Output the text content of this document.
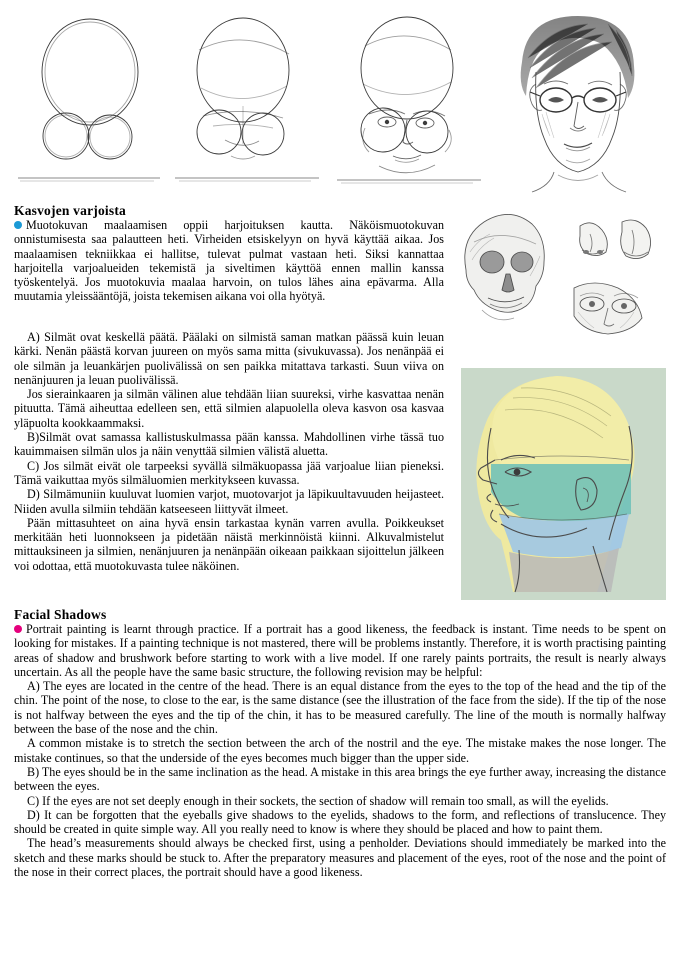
Kasvojen varjoista

Muotokuvan maalaamisen oppii harjoituksen kautta. Näköismuotokuvan onnistumisesta saa palautteen heti. Virheiden etsiskelyyn on hyvä käyttää aikaa. Jos maalaamisen tekniikkaa ei hallitse, tulevat pulmat vastaan heti. Siksi kannattaa harjoitella varjoalueiden tekemistä ja siveltimen käyttöä ennen mallin kanssa työskentelyä. Jos muotokuvia maalaa harvoin, on tulos lähes aina epävarma. Alla muutamia yleissääntöjä, joista tekemisen aikana voi olla hyötyä.

A) Silmät ovat keskellä päätä. Päälaki on silmistä saman matkan päässä kuin leuan kärki. Nenän päästä korvan juureen on myös sama mitta (sivukuvassa). Jos nenänpää ei ole silmän ja leuankärjen puolivälissä on sen paikka mitattava tarkasti. Suun viiva on nenänjuuren ja leuan puolivälissä.

Jos sierainkaaren ja silmän välinen alue tehdään liian suureksi, virhe kasvattaa nenän pituutta. Tämä aiheuttaa edelleen sen, että silmien alapuolella oleva kasvon osa kasvaa yläpuolta kookkaammaksi.

B)Silmät ovat samassa kallistuskulmassa pään kanssa. Mahdollinen virhe tässä tuo kauimmaisen silmän ulos ja näin venyttää silmien välistä aluetta.

C) Jos silmät eivät ole tarpeeksi syvällä silmäkuopassa jää varjoalue liian pieneksi. Tämä vaikuttaa myös silmäluomien merkitykseen kuvassa.

D) Silmämuniin kuuluvat luomien varjot, muotovarjot ja läpikuultavuuden heijasteet. Niiden avulla silmiin tehdään katseeseen liittyvät ilmeet.

Pään mittasuhteet on aina hyvä ensin tarkastaa kynän varren avulla. Poikkeukset merkitään heti luonnokseen ja pidetään näistä merkinnöistä kiinni. Alkuvalmistelut mittauksineen ja silmien, nenänjuuren ja nenänpään oikeaan paikkaan sijoittelun jälkeen voi odottaa, että muotokuvasta tulee näköinen.

Facial Shadows

Portrait painting is learnt through practice. If a portrait has a good likeness, the feedback is instant. Time needs to be spent on looking for mistakes. If a painting technique is not mastered, there will be problems instantly. Therefore, it is worth practising painting areas of shadow and brushwork before starting to work with a live model. If one rarely paints portraits, the result is nearly always uncertain. As all the people have the same basic structure, the following revision may be helpful:

A) The eyes are located in the centre of the head. There is an equal distance from the eyes to the top of the head and the tip of the chin. The point of the nose, to close to the ear, is the same distance (see the illustration of the face from the side). If the tip of the nose is not halfway between the eyes and the tip of the chin, it has to be measured carefully. The line of the mouth is normally halfway between the base of the nose and the chin.

A common mistake is to stretch the section between the arch of the nostril and the eye. The mistake makes the nose longer. The mistake continues, so that the underside of the eyes becomes much bigger than the upper side.

B) The eyes should be in the same inclination as the head. A mistake in this area brings the eye further away, increasing the distance between the eyes.

C) If the eyes are not set deeply enough in their sockets, the section of shadow will remain too small, as will the eyelids.

D) It can be forgotten that the eyeballs give shadows to the eyelids, shadows to the form, and reflections of translucence. They should be created in quite simple way. All you really need to know is where they should be placed and how to paint them.

The head’s measurements should always be checked first, using a penholder. Deviations should immediately be marked into the sketch and these marks should be stuck to. After the preparatory measures and placement of the eyes, root of the nose and the point of the nose in their correct places, the portrait should have a good likeness.
